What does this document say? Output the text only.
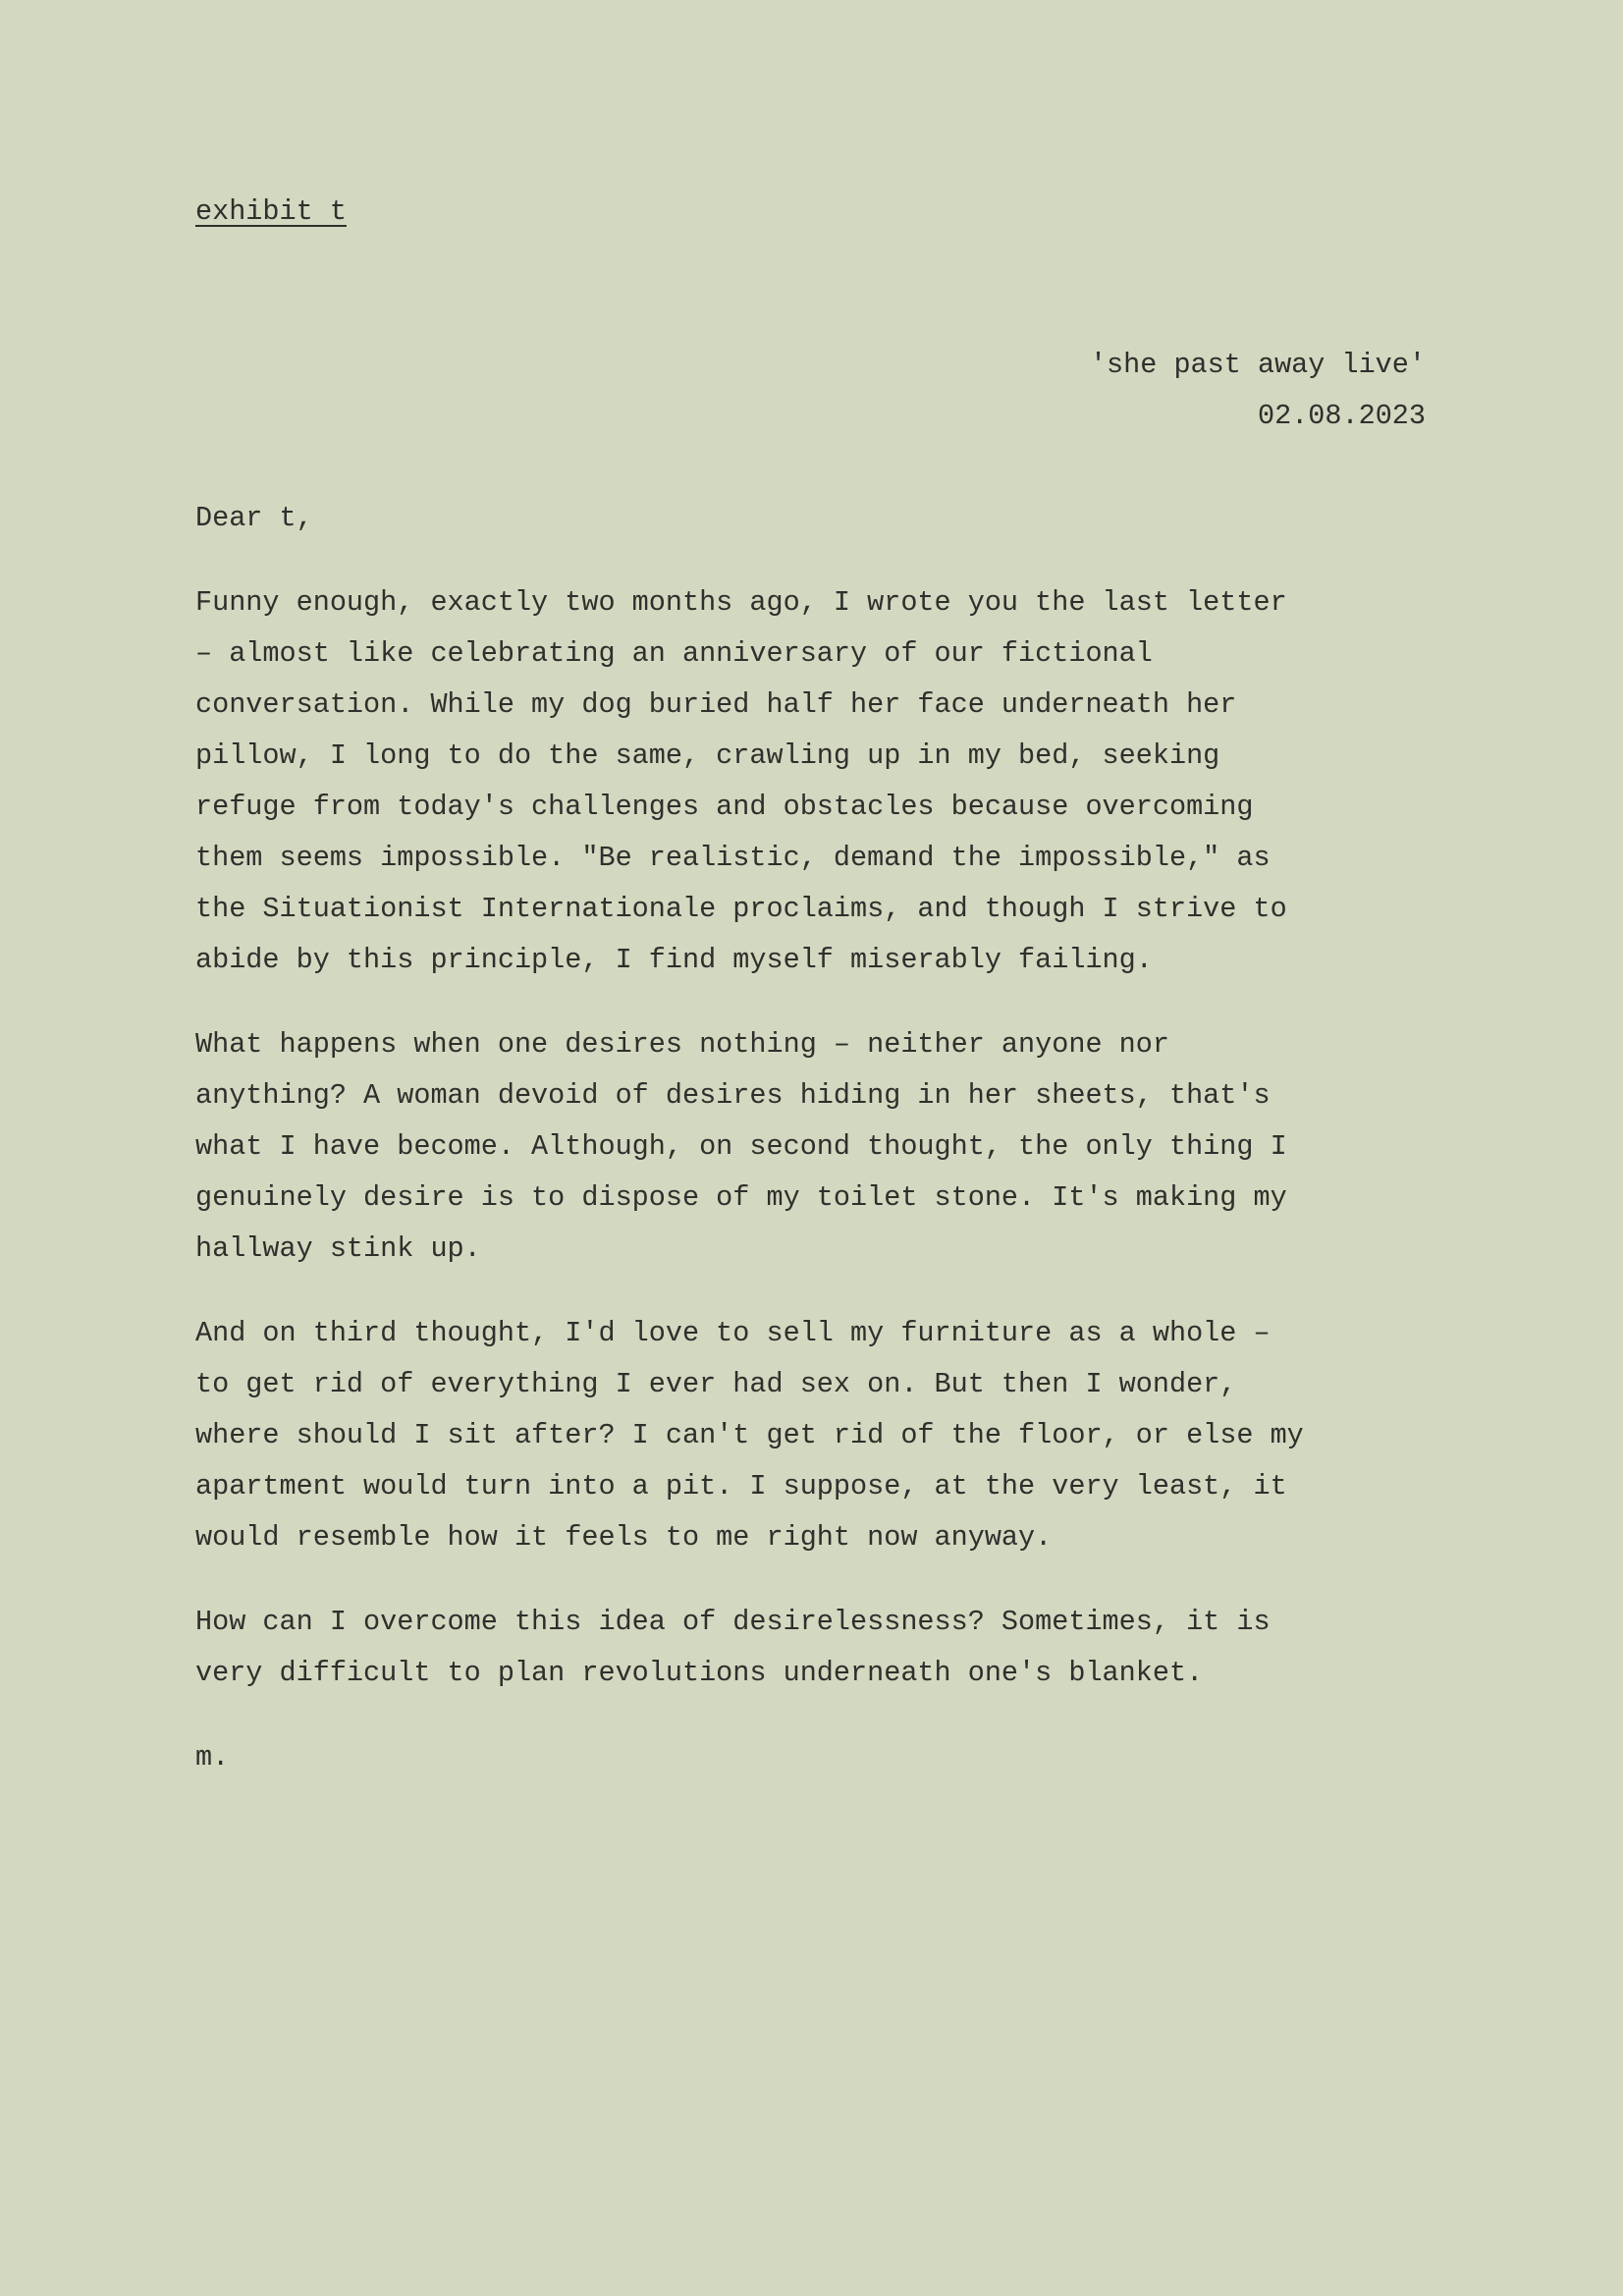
exhibit t

'she past away live'
02.08.2023

Dear t,

Funny enough, exactly two months ago, I wrote you the last letter
– almost like celebrating an anniversary of our fictional
conversation. While my dog buried half her face underneath her
pillow, I long to do the same, crawling up in my bed, seeking
refuge from today's challenges and obstacles because overcoming
them seems impossible. "Be realistic, demand the impossible," as
the Situationist Internationale proclaims, and though I strive to
abide by this principle, I find myself miserably failing.

What happens when one desires nothing – neither anyone nor
anything? A woman devoid of desires hiding in her sheets, that's
what I have become. Although, on second thought, the only thing I
genuinely desire is to dispose of my toilet stone. It's making my
hallway stink up.

And on third thought, I'd love to sell my furniture as a whole –
to get rid of everything I ever had sex on. But then I wonder,
where should I sit after? I can't get rid of the floor, or else my
apartment would turn into a pit. I suppose, at the very least, it
would resemble how it feels to me right now anyway.

How can I overcome this idea of desirelessness? Sometimes, it is
very difficult to plan revolutions underneath one's blanket.

m.
